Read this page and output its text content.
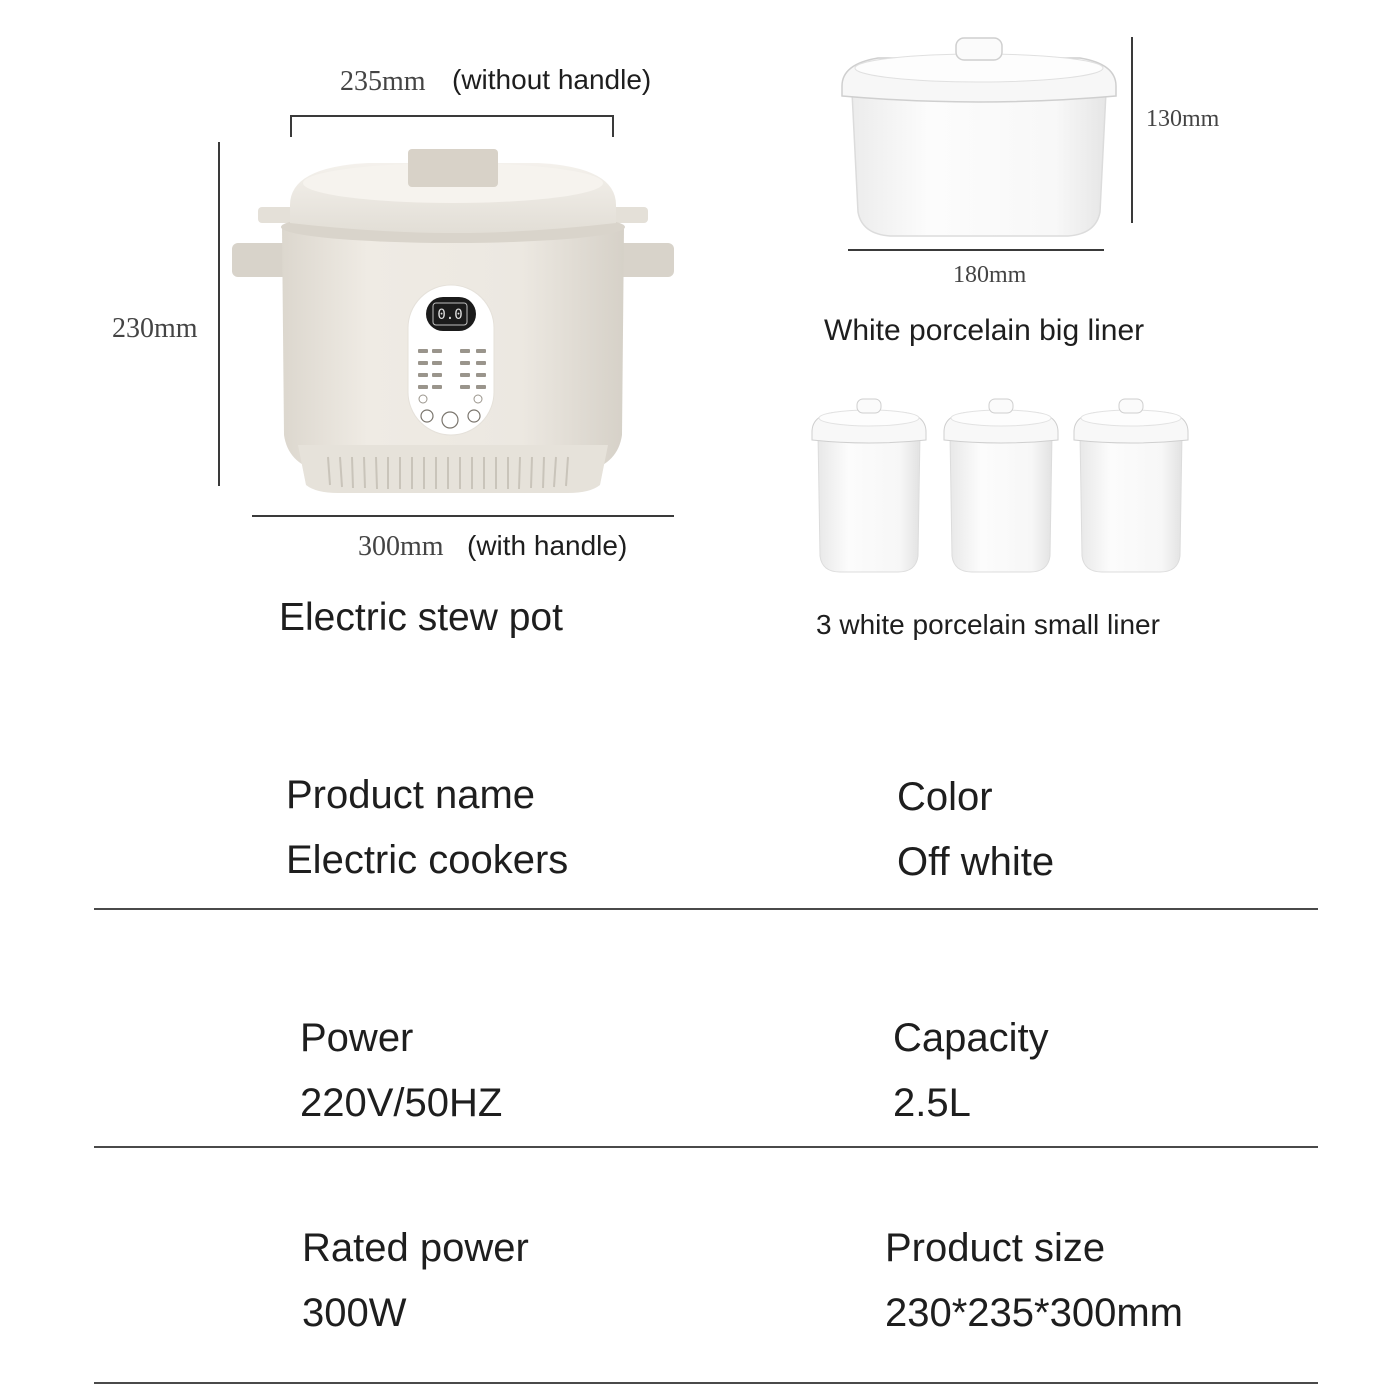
235mm (without handle)
230mm
300mm (with handle)
0.0
Electric stew pot
130mm
180mm
White porcelain big liner
3 white porcelain small liner
Product name
Electric cookers
Color
Off white
Power
220V/50HZ
Capacity
2.5L
Rated power
300W
Product size
230*235*300mm
